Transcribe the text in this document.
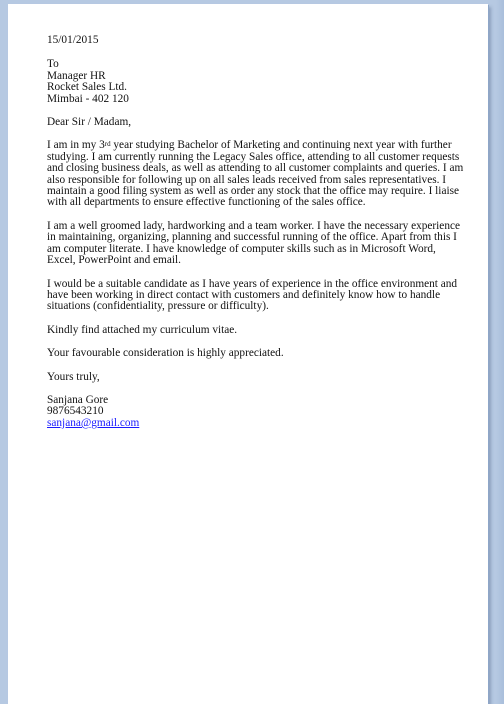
15/01/2015

To

Manager HR

Rocket Sales Ltd.

Mimbai - 402 120

Dear Sir / Madam,

I am in my 3rd year studying Bachelor of Marketing and continuing next year with further studying. I am currently running the Legacy Sales office, attending to all customer requests and closing business deals, as well as attending to all customer complaints and queries. I am also responsible for following up on all sales leads received from sales representatives. I maintain a good filing system as well as order any stock that the office may require. I liaise with all departments to ensure effective functioning of the sales office.

I am a well groomed lady, hardworking and a team worker. I have the necessary experience in maintaining, organizing, planning and successful running of the office. Apart from this I am computer literate. I have knowledge of computer skills such as in Microsoft Word, Excel, PowerPoint and email.

I would be a suitable candidate as I have years of experience in the office environment and have been working in direct contact with customers and definitely know how to handle situations (confidentiality, pressure or difficulty).

Kindly find attached my curriculum vitae.

Your favourable consideration is highly appreciated.

Yours truly,

Sanjana Gore

9876543210

sanjana@gmail.com
